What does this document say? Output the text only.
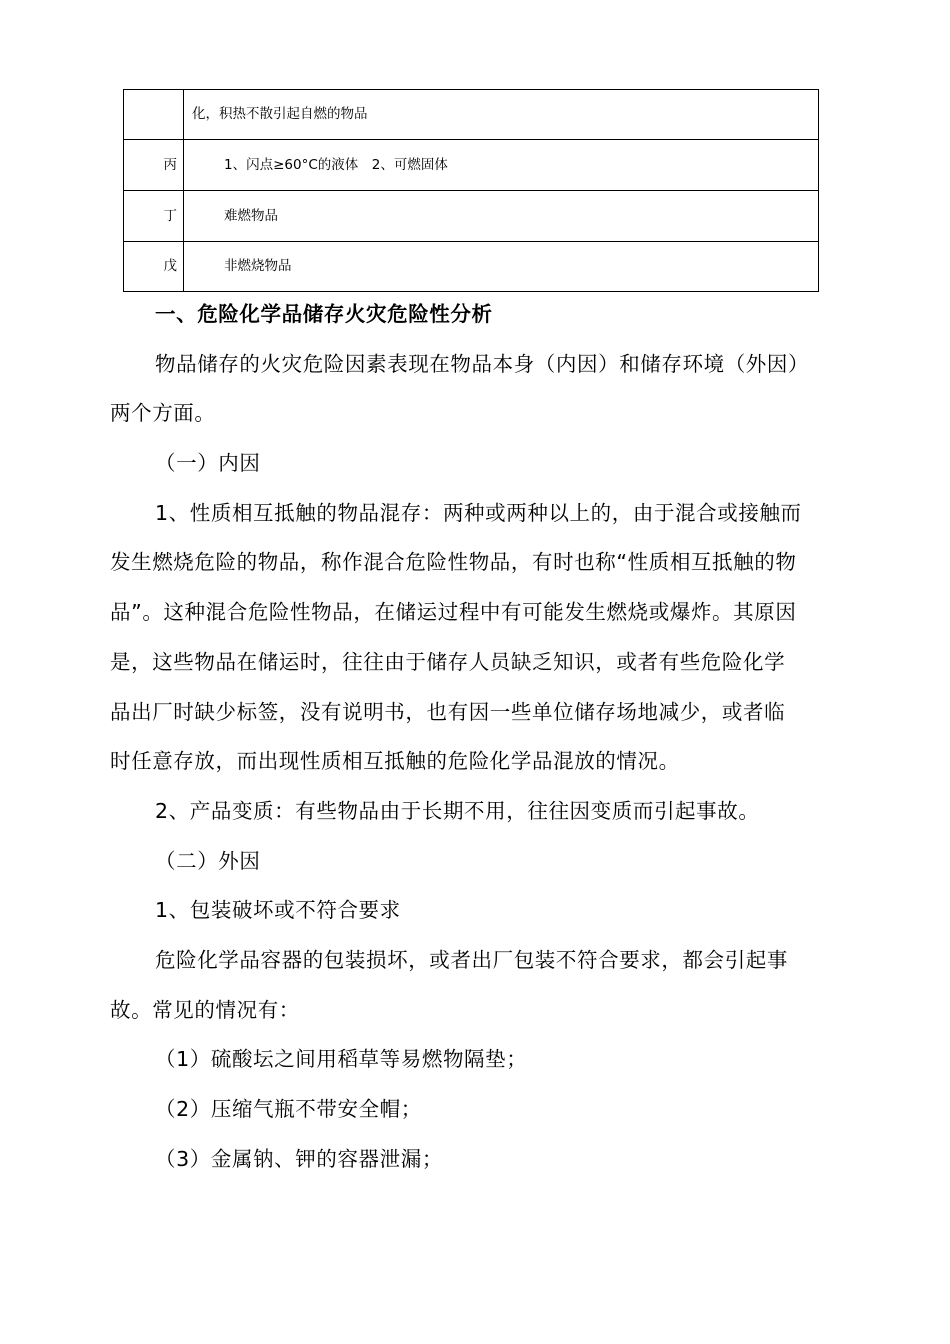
	化，积热不散引起自燃的物品
丙	1、闪点≥60°C的液体　2、可燃固体
丁	难燃物品
戊	非燃烧物品
一、危险化学品储存火灾危险性分析
物品储存的火灾危险因素表现在物品本身（内因）和储存环境（外因）
两个方面。
（一）内因
1、性质相互抵触的物品混存：两种或两种以上的，由于混合或接触而
发生燃烧危险的物品，称作混合危险性物品，有时也称“性质相互抵触的物
品”。这种混合危险性物品，在储运过程中有可能发生燃烧或爆炸。其原因
是，这些物品在储运时，往往由于储存人员缺乏知识，或者有些危险化学
品出厂时缺少标签，没有说明书，也有因一些单位储存场地减少，或者临
时任意存放，而出现性质相互抵触的危险化学品混放的情况。
2、产品变质：有些物品由于长期不用，往往因变质而引起事故。
（二）外因
1、包装破坏或不符合要求
危险化学品容器的包装损坏，或者出厂包装不符合要求，都会引起事
故。常见的情况有：
（1）硫酸坛之间用稻草等易燃物隔垫；
（2）压缩气瓶不带安全帽；
（3）金属钠、钾的容器泄漏；
